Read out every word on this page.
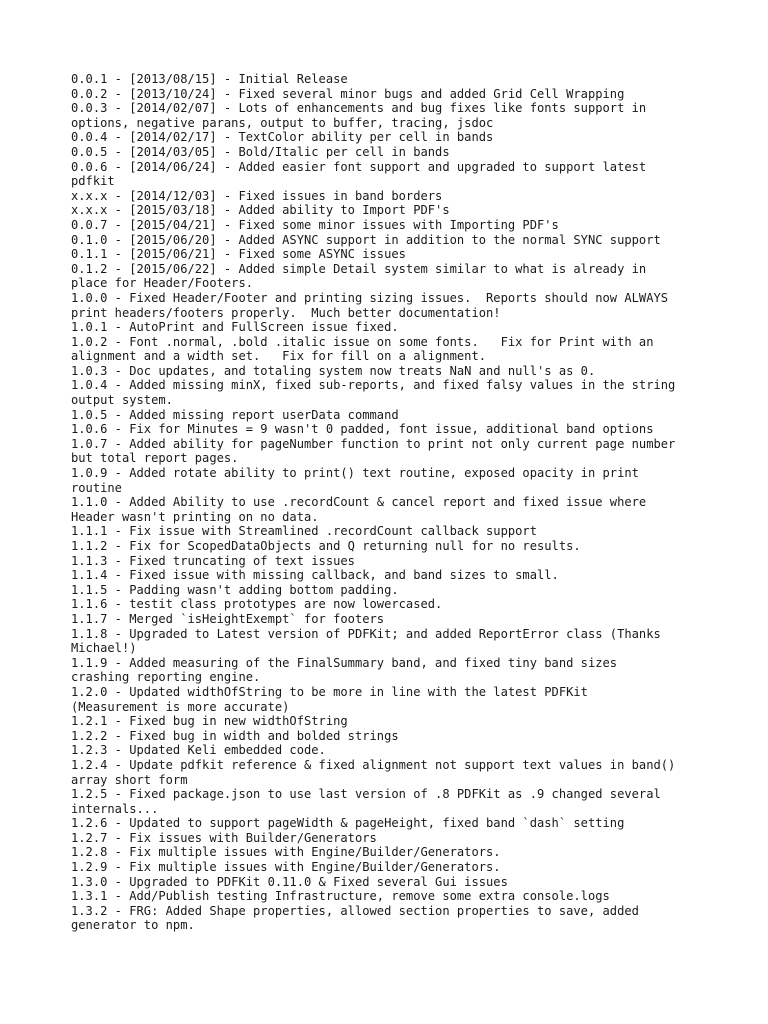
0.0.1 - [2013/08/15] - Initial Release

0.0.2 - [2013/10/24] - Fixed several minor bugs and added Grid Cell Wrapping

0.0.3 - [2014/02/07] - Lots of enhancements and bug fixes like fonts support in
options, negative parans, output to buffer, tracing, jsdoc

0.0.4 - [2014/02/17] - TextColor ability per cell in bands

0.0.5 - [2014/03/05] - Bold/Italic per cell in bands

0.0.6 - [2014/06/24] - Added easier font support and upgraded to support latest
pdfkit

x.x.x - [2014/12/03] - Fixed issues in band borders

x.x.x - [2015/03/18] - Added ability to Import PDF's

0.0.7 - [2015/04/21] - Fixed some minor issues with Importing PDF's

0.1.0 - [2015/06/20] - Added ASYNC support in addition to the normal SYNC support

0.1.1 - [2015/06/21] - Fixed some ASYNC issues

0.1.2 - [2015/06/22] - Added simple Detail system similar to what is already in
place for Header/Footers.

1.0.0 - Fixed Header/Footer and printing sizing issues.  Reports should now ALWAYS
print headers/footers properly.  Much better documentation!

1.0.1 - AutoPrint and FullScreen issue fixed.

1.0.2 - Font .normal, .bold .italic issue on some fonts.   Fix for Print with an
alignment and a width set.   Fix for fill on a alignment.

1.0.3 - Doc updates, and totaling system now treats NaN and null's as 0.

1.0.4 - Added missing minX, fixed sub-reports, and fixed falsy values in the string
output system.

1.0.5 - Added missing report userData command

1.0.6 - Fix for Minutes = 9 wasn't 0 padded, font issue, additional band options

1.0.7 - Added ability for pageNumber function to print not only current page number
but total report pages.

1.0.9 - Added rotate ability to print() text routine, exposed opacity in print
routine

1.1.0 - Added Ability to use .recordCount & cancel report and fixed issue where
Header wasn't printing on no data.

1.1.1 - Fix issue with Streamlined .recordCount callback support

1.1.2 - Fix for ScopedDataObjects and Q returning null for no results.

1.1.3 - Fixed truncating of text issues

1.1.4 - Fixed issue with missing callback, and band sizes to small.

1.1.5 - Padding wasn't adding bottom padding.

1.1.6 - testit class prototypes are now lowercased.

1.1.7 - Merged `isHeightExempt` for footers

1.1.8 - Upgraded to Latest version of PDFKit; and added ReportError class (Thanks
Michael!)

1.1.9 - Added measuring of the FinalSummary band, and fixed tiny band sizes
crashing reporting engine.

1.2.0 - Updated widthOfString to be more in line with the latest PDFKit
(Measurement is more accurate)

1.2.1 - Fixed bug in new widthOfString

1.2.2 - Fixed bug in width and bolded strings

1.2.3 - Updated Keli embedded code.

1.2.4 - Update pdfkit reference & fixed alignment not support text values in band()
array short form

1.2.5 - Fixed package.json to use last version of .8 PDFKit as .9 changed several
internals...

1.2.6 - Updated to support pageWidth & pageHeight, fixed band `dash` setting

1.2.7 - Fix issues with Builder/Generators

1.2.8 - Fix multiple issues with Engine/Builder/Generators.

1.2.9 - Fix multiple issues with Engine/Builder/Generators.

1.3.0 - Upgraded to PDFKit 0.11.0 & Fixed several Gui issues

1.3.1 - Add/Publish testing Infrastructure, remove some extra console.logs

1.3.2 - FRG: Added Shape properties, allowed section properties to save, added
generator to npm.
